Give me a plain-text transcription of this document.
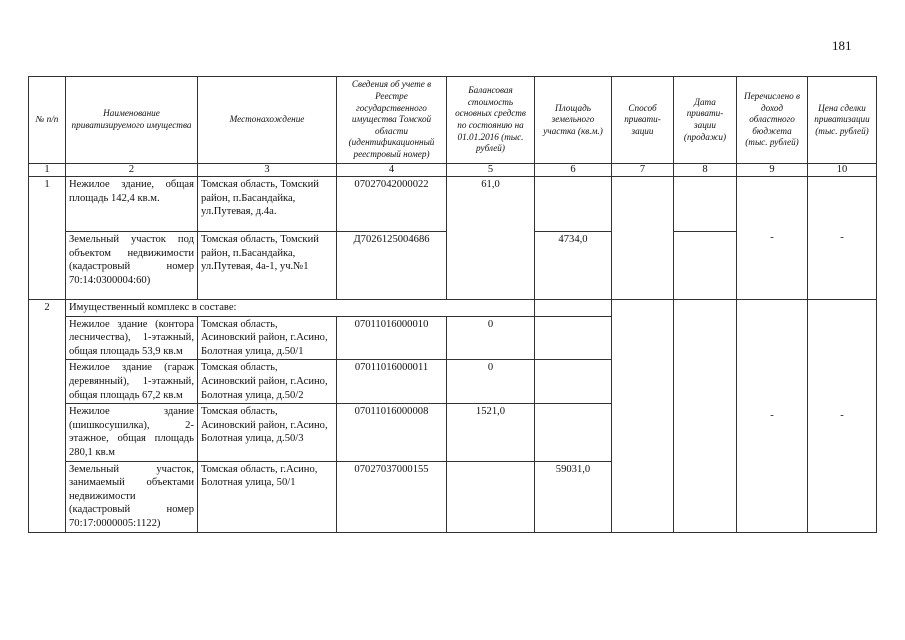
181
№ п/п	Наименование приватизируемого имущества	Местонахождение	Сведения об учете в Реестре государственного имущества Томской области (идентификационный реестровый номер)	Балансовая стоимость основных средств по состоянию на 01.01.2016 (тыс. рублей)	Площадь земельного участка (кв.м.)	Способ привати-зации	Дата привати-зации (продажи)	Перечислено в доход областного бюджета (тыс. рублей)	Цена сделки приватизации (тыс. рублей)
1	2	3	4	5	6	7	8	9	10
1	Нежилое здание, общая площадь 142,4 кв.м.	Томская область, Томский район, п.Басандайка, ул.Путевая, д.4а.	07027042000022	61,0				-	-
	Земельный участок под объектом недвижимости (кадастровый номер 70:14:0300004:60)	Томская область, Томский район, п.Басандайка, ул.Путевая, 4а-1, уч.№1	Д7026125004686		4734,0				
2	Имущественный комплекс в составе:							-	-
	Нежилое здание (контора лесничества), 1-этажный, общая площадь 53,9 кв.м	Томская область, Асиновский район, г.Асино, Болотная улица, д.50/1	07011016000010	0					
	Нежилое здание (гараж деревянный), 1-этажный, общая площадь 67,2 кв.м	Томская область, Асиновский район, г.Асино, Болотная улица, д.50/2	07011016000011	0					
	Нежилое здание (шишкосушилка), 2-этажное, общая площадь 280,1 кв.м	Томская область, Асиновский район, г.Асино, Болотная улица, д.50/3	07011016000008	1521,0					
	Земельный участок, занимаемый объектами недвижимости (кадастровый номер 70:17:0000005:1122)	Томская область, г.Асино, Болотная улица, 50/1	07027037000155		59031,0				
